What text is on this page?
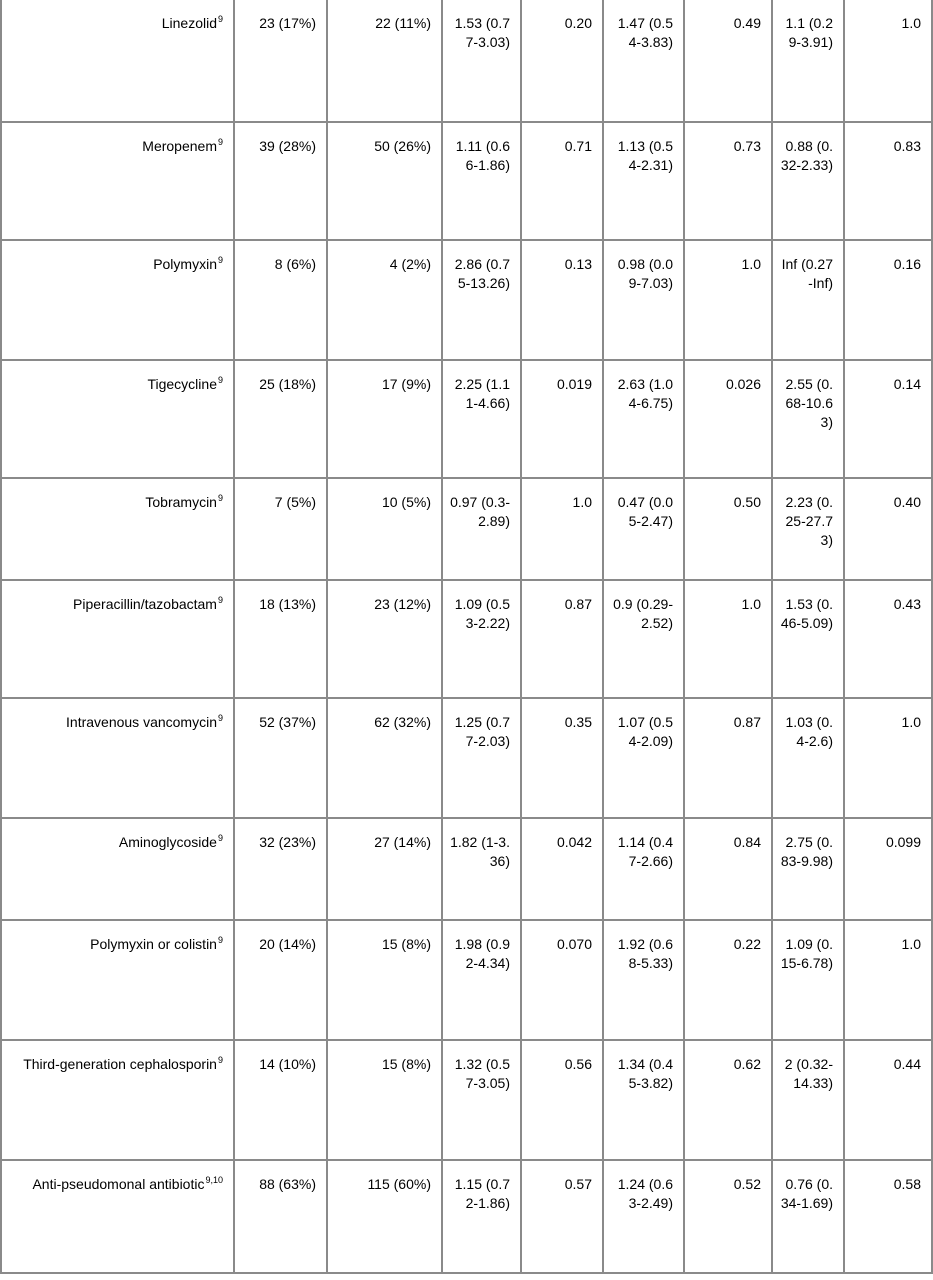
Linezolid$^9$	23 (17%)	22 (11%)	1.53 (0.77-3.03)	0.20	1.47 (0.54-3.83)	0.49	1.1 (0.29-3.91)	1.0
Meropenem$^9$	39 (28%)	50 (26%)	1.11 (0.66-1.86)	0.71	1.13 (0.54-2.31)	0.73	0.88 (0.32-2.33)	0.83
Polymyxin$^9$	8 (6%)	4 (2%)	2.86 (0.75-13.26)	0.13	0.98 (0.09-7.03)	1.0	Inf (0.27-Inf)	0.16
Tigecycline$^9$	25 (18%)	17 (9%)	2.25 (1.11-4.66)	0.019	2.63 (1.04-6.75)	0.026	2.55 (0.68-10.63)	0.14
Tobramycin$^9$	7 (5%)	10 (5%)	0.97 (0.3-2.89)	1.0	0.47 (0.05-2.47)	0.50	2.23 (0.25-27.73)	0.40
Piperacillin/tazobactam$^9$	18 (13%)	23 (12%)	1.09 (0.53-2.22)	0.87	0.9 (0.29-2.52)	1.0	1.53 (0.46-5.09)	0.43
Intravenous vancomycin$^9$	52 (37%)	62 (32%)	1.25 (0.77-2.03)	0.35	1.07 (0.54-2.09)	0.87	1.03 (0.4-2.6)	1.0
Aminoglycoside$^9$	32 (23%)	27 (14%)	1.82 (1-3.36)	0.042	1.14 (0.47-2.66)	0.84	2.75 (0.83-9.98)	0.099
Polymyxin or colistin$^9$	20 (14%)	15 (8%)	1.98 (0.92-4.34)	0.070	1.92 (0.68-5.33)	0.22	1.09 (0.15-6.78)	1.0
Third-generation cephalosporin$^9$	14 (10%)	15 (8%)	1.32 (0.57-3.05)	0.56	1.34 (0.45-3.82)	0.62	2 (0.32-14.33)	0.44
Anti-pseudomonal antibiotic$^{9,10}$	88 (63%)	115 (60%)	1.15 (0.72-1.86)	0.57	1.24 (0.63-2.49)	0.52	0.76 (0.34-1.69)	0.58
